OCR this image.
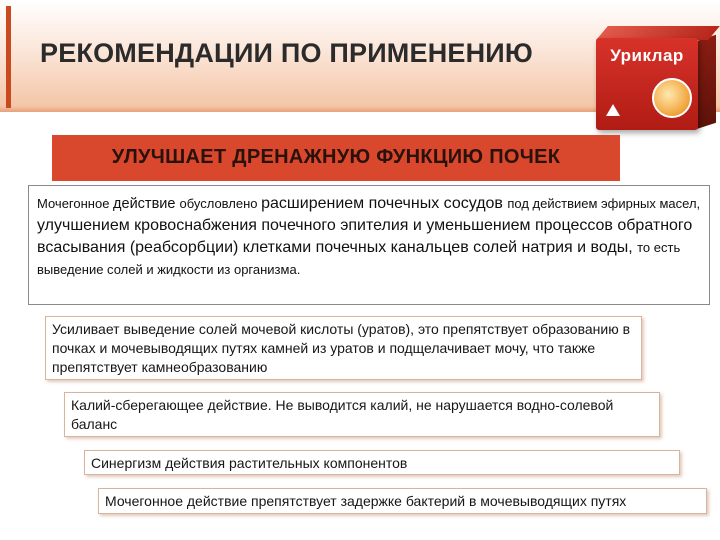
РЕКОМЕНДАЦИИ ПО ПРИМЕНЕНИЮ	Уриклар
УЛУЧШАЕТ ДРЕНАЖНУЮ ФУНКЦИЮ ПОЧЕК
Мочегонное действие обусловлено расширением почечных сосудов под действием эфирных масел, улучшением кровоснабжения почечного эпителия и уменьшением процессов обратного всасывания (реабсорбции) клетками почечных канальцев солей натрия и воды, то есть выведение солей и жидкости из организма.
Усиливает выведение солей мочевой кислоты (уратов), это препятствует образованию в почках и мочевыводящих путях камней из уратов и подщелачивает мочу, что также препятствует камнеобразованию
Калий-сберегающее действие. Не выводится калий, не нарушается водно-солевой баланс
Синергизм действия растительных компонентов
Мочегонное действие препятствует задержке бактерий в мочевыводящих путях
